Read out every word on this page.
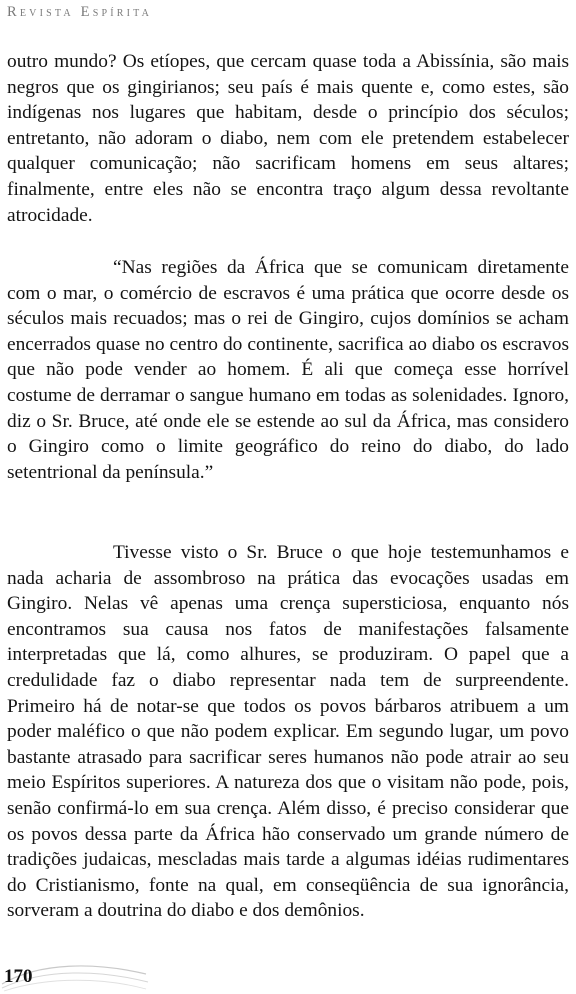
Revista Espírita

outro mundo? Os etíopes, que cercam quase toda a Abissínia, são mais negros que os gingirianos; seu país é mais quente e, como estes, são indígenas nos lugares que habitam, desde o princípio dos séculos; entretanto, não adoram o diabo, nem com ele pretendem estabelecer qualquer comunicação; não sacrificam homens em seus altares; finalmente, entre eles não se encontra traço algum dessa revoltante atrocidade.

“Nas regiões da África que se comunicam diretamente com o mar, o comércio de escravos é uma prática que ocorre desde os séculos mais recuados; mas o rei de Gingiro, cujos domínios se acham encerrados quase no centro do continente, sacrifica ao diabo os escravos que não pode vender ao homem. É ali que começa esse horrível costume de derramar o sangue humano em todas as solenidades. Ignoro, diz o Sr. Bruce, até onde ele se estende ao sul da África, mas considero o Gingiro como o limite geográfico do reino do diabo, do lado setentrional da península.”

Tivesse visto o Sr. Bruce o que hoje testemunhamos e nada acharia de assombroso na prática das evocações usadas em Gingiro. Nelas vê apenas uma crença supersticiosa, enquanto nós encontramos sua causa nos fatos de manifestações falsamente interpretadas que lá, como alhures, se produziram. O papel que a credulidade faz o diabo representar nada tem de surpreendente. Primeiro há de notar-se que todos os povos bárbaros atribuem a um poder maléfico o que não podem explicar. Em segundo lugar, um povo bastante atrasado para sacrificar seres humanos não pode atrair ao seu meio Espíritos superiores. A natureza dos que o visitam não pode, pois, senão confirmá-lo em sua crença. Além disso, é preciso considerar que os povos dessa parte da África hão conservado um grande número de tradições judaicas, mescladas mais tarde a algumas idéias rudimentares do Cristianismo, fonte na qual, em conseqüência de sua ignorância, sorveram a doutrina do diabo e dos demônios.

170
